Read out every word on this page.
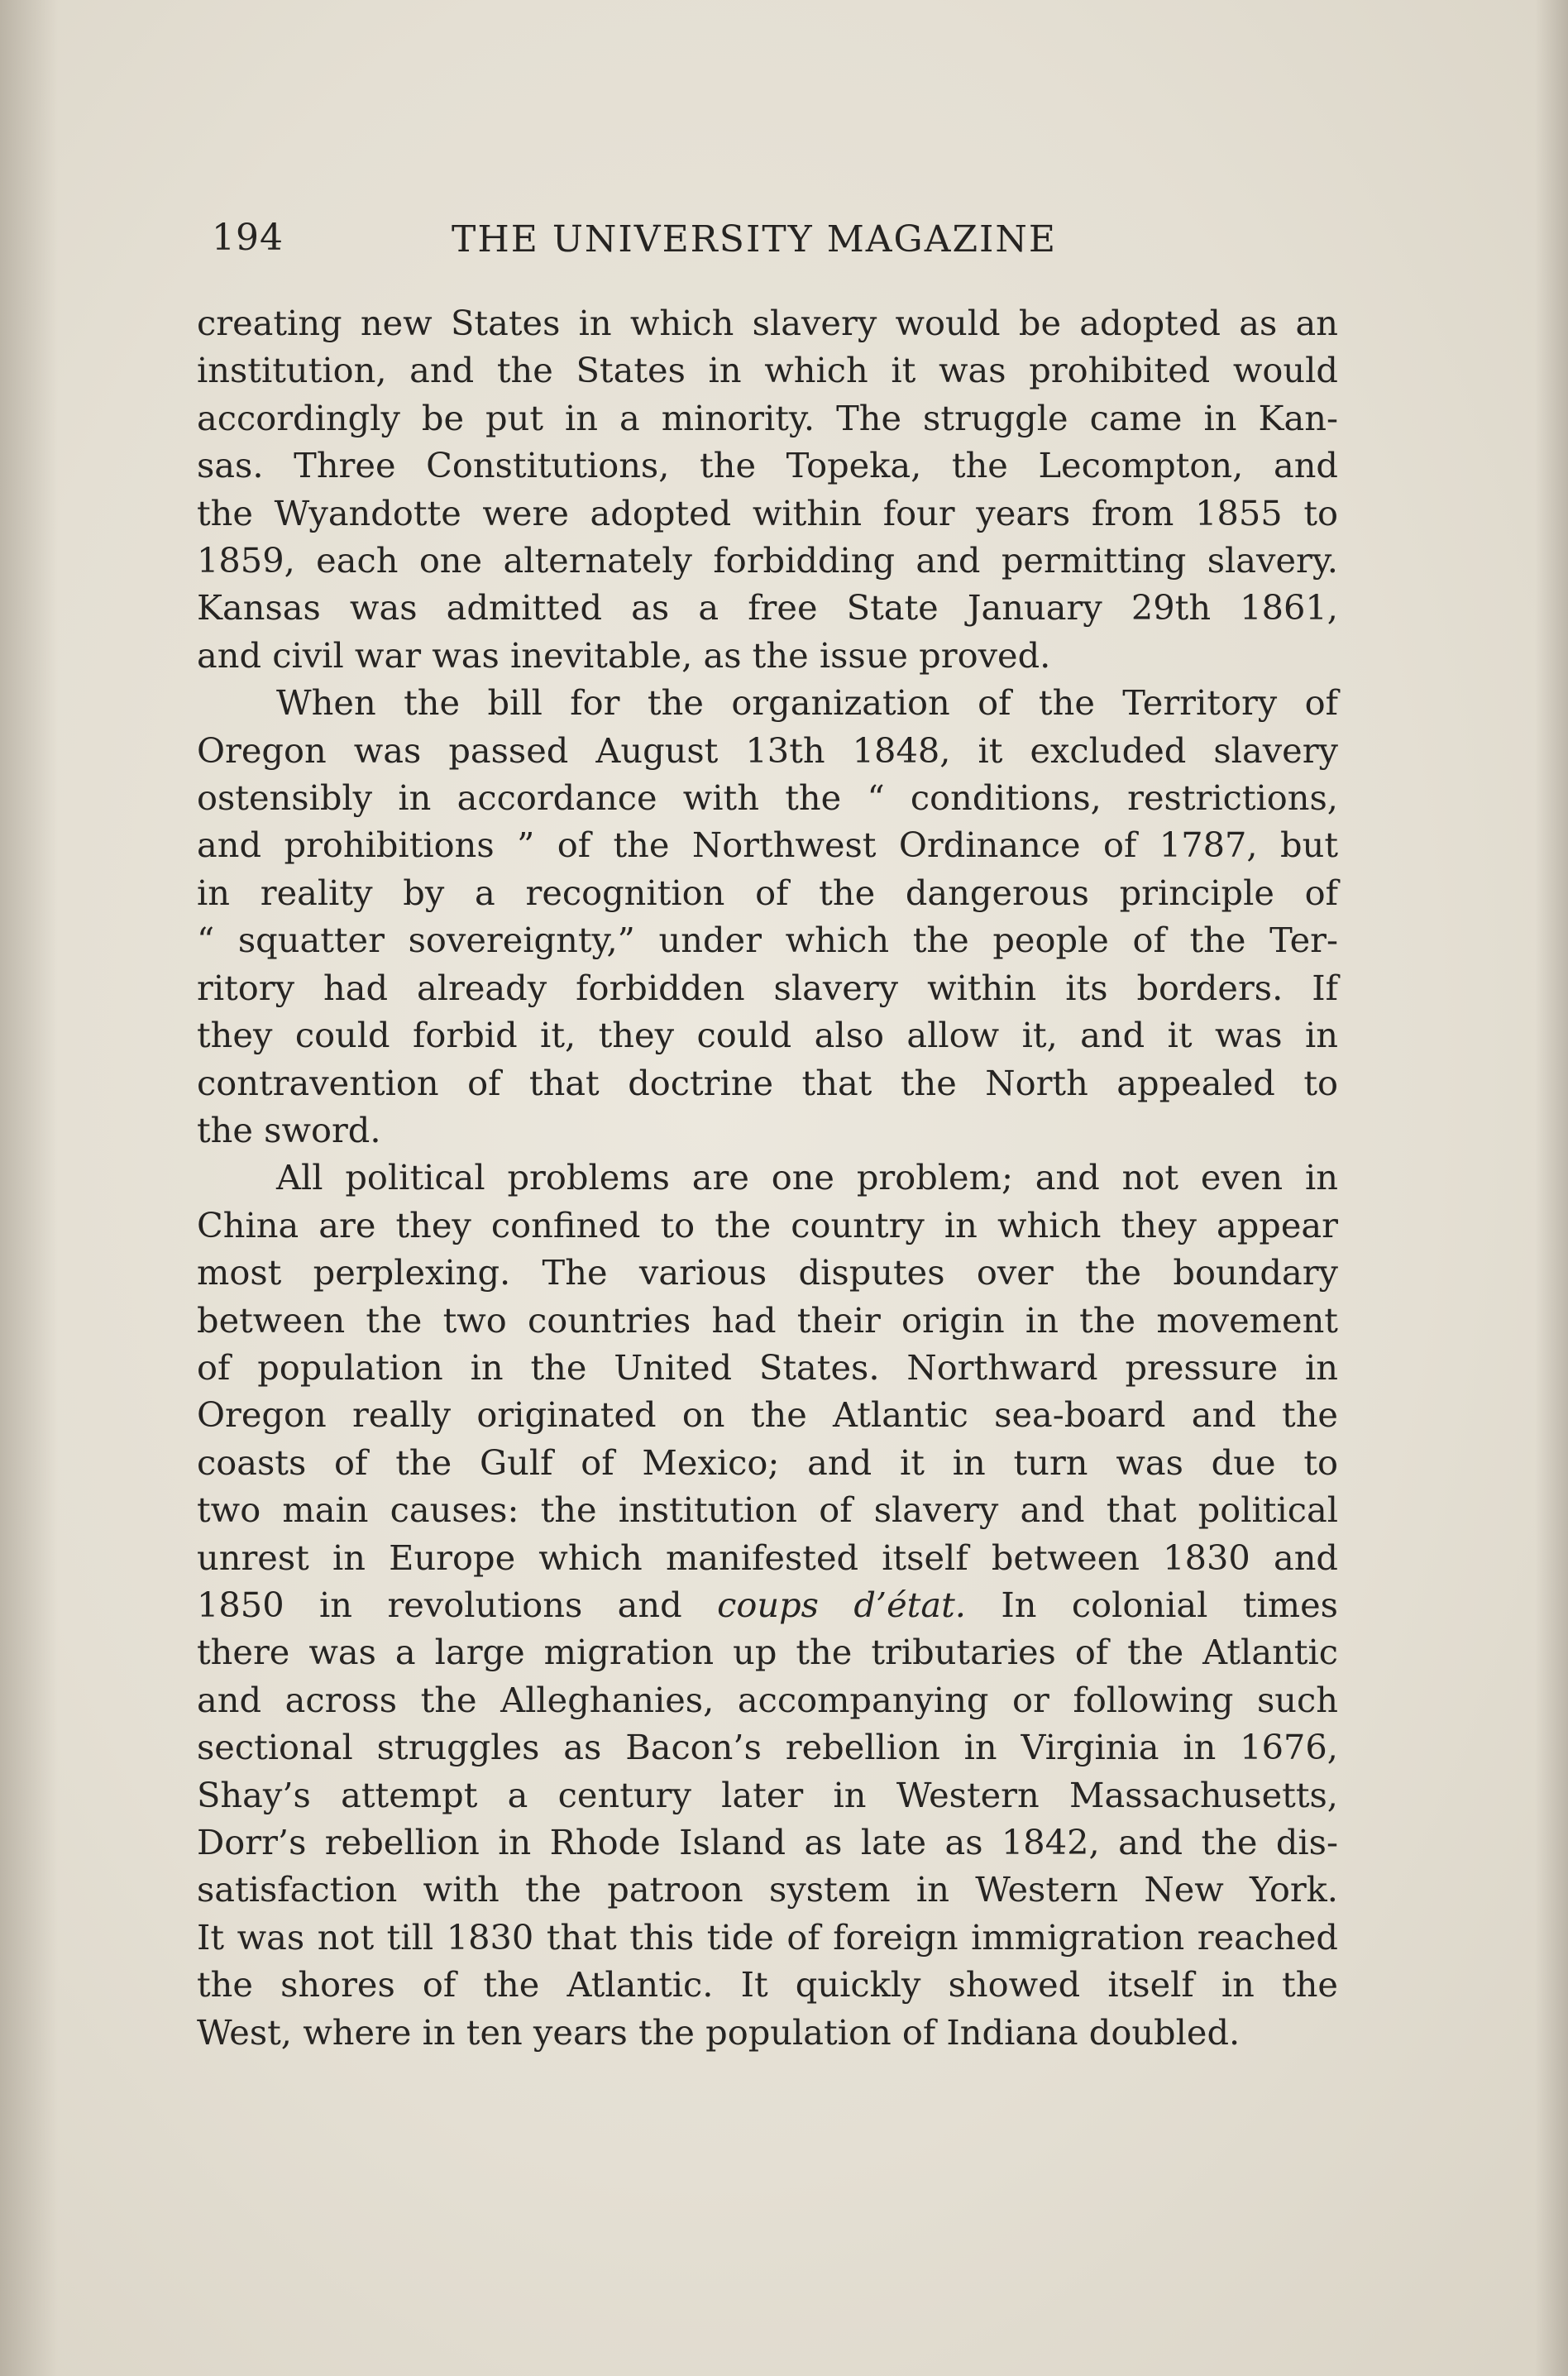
194	THE UNIVERSITY MAGAZINE
creating new States in which slavery would be adopted as an
institution, and the States in which it was prohibited would
accordingly be put in a minority. The struggle came in Kan-
sas. Three Constitutions, the Topeka, the Lecompton, and
the Wyandotte were adopted within four years from 1855 to
1859, each one alternately forbidding and permitting slavery.
Kansas was admitted as a free State January 29th 1861,
and civil war was inevitable, as the issue proved.
When the bill for the organization of the Territory of
Oregon was passed August 13th 1848, it excluded slavery
ostensibly in accordance with the “ conditions, restrictions,
and prohibitions ” of the Northwest Ordinance of 1787, but
in reality by a recognition of the dangerous principle of
“ squatter sovereignty,” under which the people of the Ter-
ritory had already forbidden slavery within its borders. If
they could forbid it, they could also allow it, and it was in
contravention of that doctrine that the North appealed to
the sword.
All political problems are one problem; and not even in
China are they confined to the country in which they appear
most perplexing. The various disputes over the boundary
between the two countries had their origin in the movement
of population in the United States. Northward pressure in
Oregon really originated on the Atlantic sea-board and the
coasts of the Gulf of Mexico; and it in turn was due to
two main causes: the institution of slavery and that political
unrest in Europe which manifested itself between 1830 and
1850 in revolutions and coups d’état. In colonial times
there was a large migration up the tributaries of the Atlantic
and across the Alleghanies, accompanying or following such
sectional struggles as Bacon’s rebellion in Virginia in 1676,
Shay’s attempt a century later in Western Massachusetts,
Dorr’s rebellion in Rhode Island as late as 1842, and the dis-
satisfaction with the patroon system in Western New York.
It was not till 1830 that this tide of foreign immigration reached
the shores of the Atlantic. It quickly showed itself in the
West, where in ten years the population of Indiana doubled.
